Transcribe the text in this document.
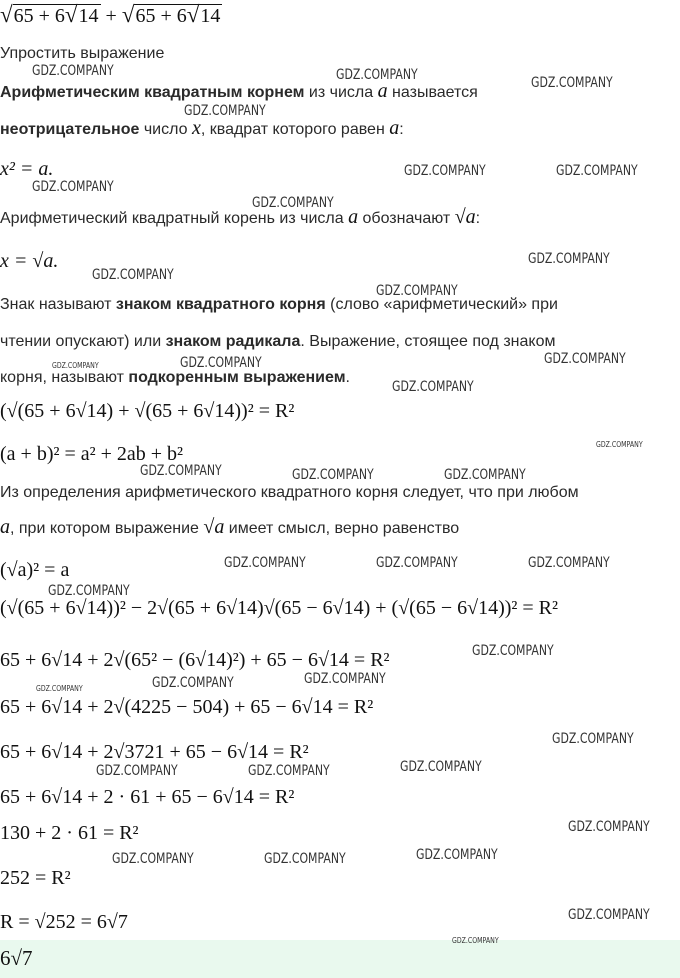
√65 + 6√14 + √65 + 6√14
Упростить выражение
Арифметическим квадратным корнем из числа a называется
неотрицательное число x, квадрат которого равен a:
x² = a.
Арифметический квадратный корень из числа a обозначают √a:
x = √a.
Знак называют знаком квадратного корня (слово «арифметический» при
чтении опускают) или знаком радикала. Выражение, стоящее под знаком
корня, называют подкоренным выражением.
(√(65 + 6√14) + √(65 + 6√14))² = R²
(a + b)² = a² + 2ab + b²
Из определения арифметического квадратного корня следует, что при любом
a, при котором выражение √a имеет смысл, верно равенство
(√a)² = a
(√(65 + 6√14))² − 2√(65 + 6√14)√(65 − 6√14) + (√(65 − 6√14))² = R²
65 + 6√14 + 2√(65² − (6√14)²) + 65 − 6√14 = R²
65 + 6√14 + 2√(4225 − 504) + 65 − 6√14 = R²
65 + 6√14 + 2√3721 + 65 − 6√14 = R²
65 + 6√14 + 2 · 61 + 65 − 6√14 = R²
130 + 2 · 61 = R²
252 = R²
R = √252 = 6√7
6√7
GDZ.COMPANY	GDZ.COMPANY	GDZ.COMPANY
GDZ.COMPANY
GDZ.COMPANY	GDZ.COMPANY
GDZ.COMPANY
GDZ.COMPANY
GDZ.COMPANY
GDZ.COMPANY
GDZ.COMPANY
GDZ.COMPANY
GDZ.COMPANY	GDZ.COMPANY
GDZ.COMPANY
GDZ.COMPANY
GDZ.COMPANY	GDZ.COMPANY	GDZ.COMPANY
GDZ.COMPANY	GDZ.COMPANY	GDZ.COMPANY
GDZ.COMPANY
GDZ.COMPANY
GDZ.COMPANY
GDZ.COMPANY
GDZ.COMPANY
GDZ.COMPANY
GDZ.COMPANY	GDZ.COMPANY	GDZ.COMPANY
GDZ.COMPANY
GDZ.COMPANY	GDZ.COMPANY	GDZ.COMPANY
GDZ.COMPANY
GDZ.COMPANY
